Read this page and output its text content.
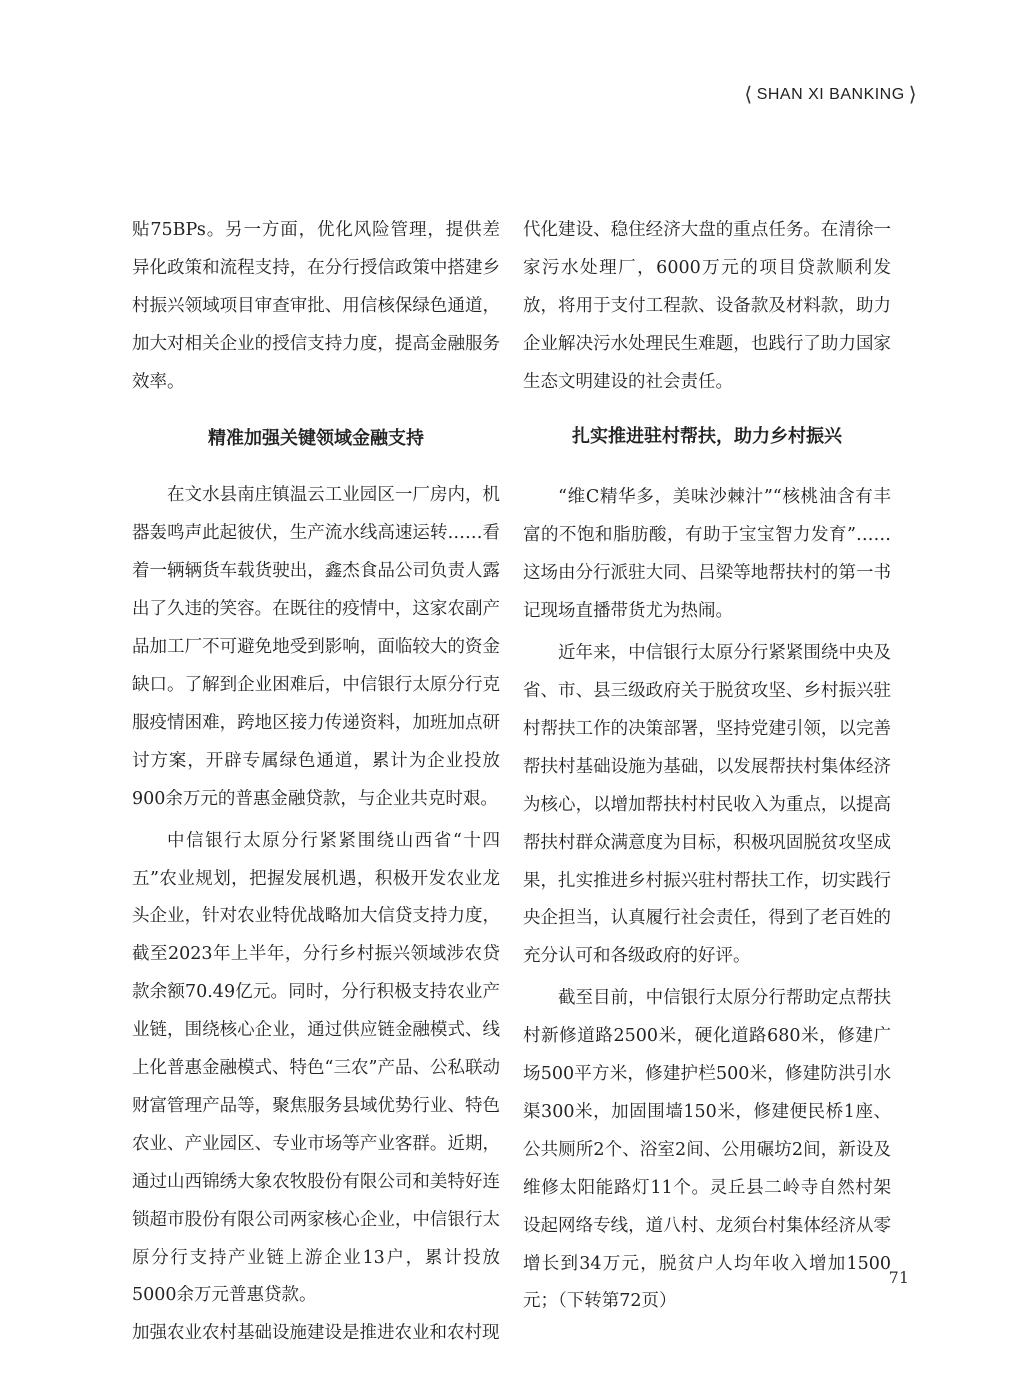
⟨ SHAN XI BANKING ⟩

贴75BPs。另一方面，优化风险管理，提供差异化政策和流程支持，在分行授信政策中搭建乡村振兴领域项目审查审批、用信核保绿色通道，加大对相关企业的授信支持力度，提高金融服务效率。

精准加强关键领域金融支持

在文水县南庄镇温云工业园区一厂房内，机器轰鸣声此起彼伏，生产流水线高速运转……看着一辆辆货车载货驶出，鑫杰食品公司负责人露出了久违的笑容。在既往的疫情中，这家农副产品加工厂不可避免地受到影响，面临较大的资金缺口。了解到企业困难后，中信银行太原分行克服疫情困难，跨地区接力传递资料，加班加点研讨方案，开辟专属绿色通道，累计为企业投放900余万元的普惠金融贷款，与企业共克时艰。

中信银行太原分行紧紧围绕山西省“十四五”农业规划，把握发展机遇，积极开发农业龙头企业，针对农业特优战略加大信贷支持力度，截至2023年上半年，分行乡村振兴领域涉农贷款余额70.49亿元。同时，分行积极支持农业产业链，围绕核心企业，通过供应链金融模式、线上化普惠金融模式、特色“三农”产品、公私联动财富管理产品等，聚焦服务县域优势行业、特色农业、产业园区、专业市场等产业客群。近期，通过山西锦绣大象农牧股份有限公司和美特好连锁超市股份有限公司两家核心企业，中信银行太原分行支持产业链上游企业13户，累计投放5000余万元普惠贷款。

加强农业农村基础设施建设是推进农业和农村现

代化建设、稳住经济大盘的重点任务。在清徐一家污水处理厂，6000万元的项目贷款顺利发放，将用于支付工程款、设备款及材料款，助力企业解决污水处理民生难题，也践行了助力国家生态文明建设的社会责任。

扎实推进驻村帮扶，助力乡村振兴

“维C精华多，美味沙棘汁”“核桃油含有丰富的不饱和脂肪酸，有助于宝宝智力发育”……这场由分行派驻大同、吕梁等地帮扶村的第一书记现场直播带货尤为热闹。

近年来，中信银行太原分行紧紧围绕中央及省、市、县三级政府关于脱贫攻坚、乡村振兴驻村帮扶工作的决策部署，坚持党建引领，以完善帮扶村基础设施为基础，以发展帮扶村集体经济为核心，以增加帮扶村村民收入为重点，以提高帮扶村群众满意度为目标，积极巩固脱贫攻坚成果，扎实推进乡村振兴驻村帮扶工作，切实践行央企担当，认真履行社会责任，得到了老百姓的充分认可和各级政府的好评。

截至目前，中信银行太原分行帮助定点帮扶村新修道路2500米，硬化道路680米，修建广场500平方米，修建护栏500米，修建防洪引水渠300米，加固围墙150米，修建便民桥1座、公共厕所2个、浴室2间、公用碾坊2间，新设及维修太阳能路灯11个。灵丘县二岭寺自然村架设起网络专线，道八村、龙须台村集体经济从零增长到34万元，脱贫户人均年收入增加1500元；（下转第72页）

71
